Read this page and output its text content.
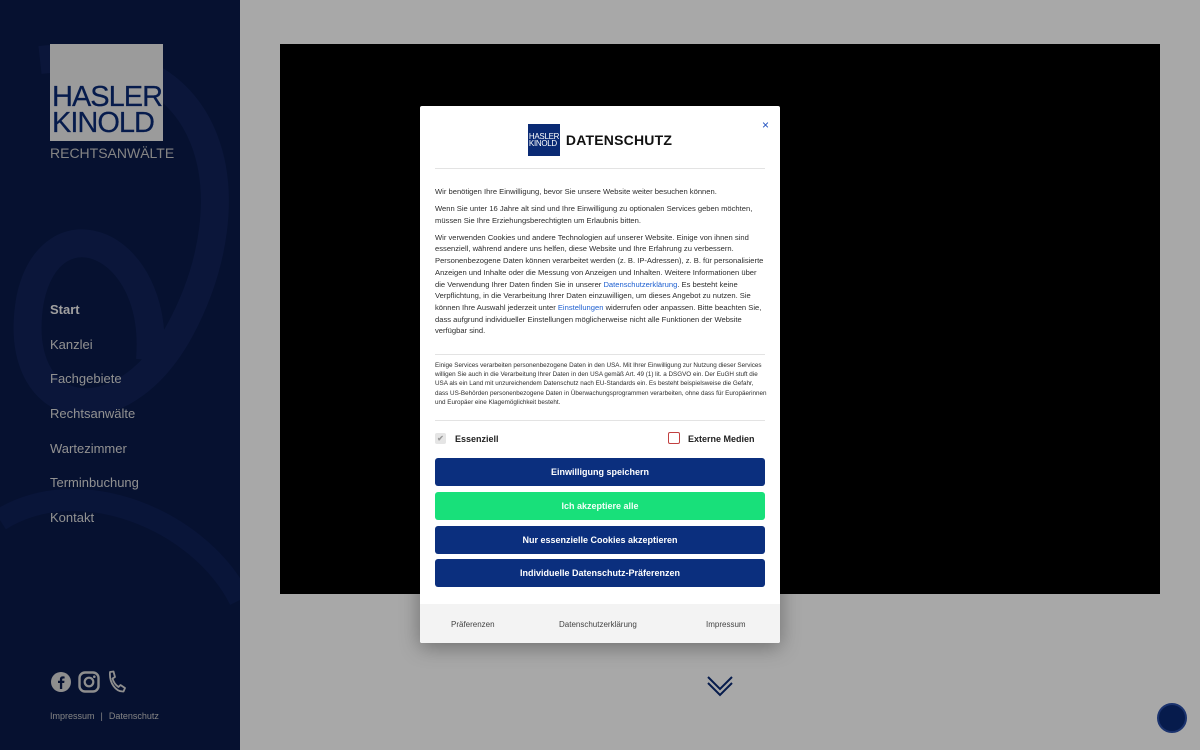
HASLER
KINOLD
RECHTSANWÄLTE
Start
Kanzlei
Fachgebiete
Rechtsanwälte
Wartezimmer
Terminbuchung
Kontakt
Impressum | Datenschutz
×
HASLER
KINOLD
RECHTSANWÄLTE
DATENSCHUTZ

Wir benötigen Ihre Einwilligung, bevor Sie unsere Website weiter besuchen können.

Wenn Sie unter 16 Jahre alt sind und Ihre Einwilligung zu optionalen Services geben möchten, müssen Sie Ihre Erziehungsberechtigten um Erlaubnis bitten.

Wir verwenden Cookies und andere Technologien auf unserer Website. Einige von ihnen sind essenziell, während andere uns helfen, diese Website und Ihre Erfahrung zu verbessern. Personenbezogene Daten können verarbeitet werden (z. B. IP-Adressen), z. B. für personalisierte Anzeigen und Inhalte oder die Messung von Anzeigen und Inhalten. Weitere Informationen über die Verwendung Ihrer Daten finden Sie in unserer Datenschutzerklärung. Es besteht keine Verpflichtung, in die Verarbeitung Ihrer Daten einzuwilligen, um dieses Angebot zu nutzen. Sie können Ihre Auswahl jederzeit unter Einstellungen widerrufen oder anpassen. Bitte beachten Sie, dass aufgrund individueller Einstellungen möglicherweise nicht alle Funktionen der Website verfügbar sind.

Einige Services verarbeiten personenbezogene Daten in den USA. Mit Ihrer Einwilligung zur Nutzung dieser Services willigen Sie auch in die Verarbeitung Ihrer Daten in den USA gemäß Art. 49 (1) lit. a DSGVO ein. Der EuGH stuft die USA als ein Land mit unzureichendem Datenschutz nach EU-Standards ein. Es besteht beispielsweise die Gefahr, dass US-Behörden personenbezogene Daten in Überwachungsprogrammen verarbeiten, ohne dass für Europäerinnen und Europäer eine Klagemöglichkeit besteht.
✔ Essenziell	Externe Medien
Einwilligung speichern
Ich akzeptiere alle
Nur essenzielle Cookies akzeptieren
Individuelle Datenschutz-Präferenzen
Präferenzen	Datenschutzerklärung	Impressum
